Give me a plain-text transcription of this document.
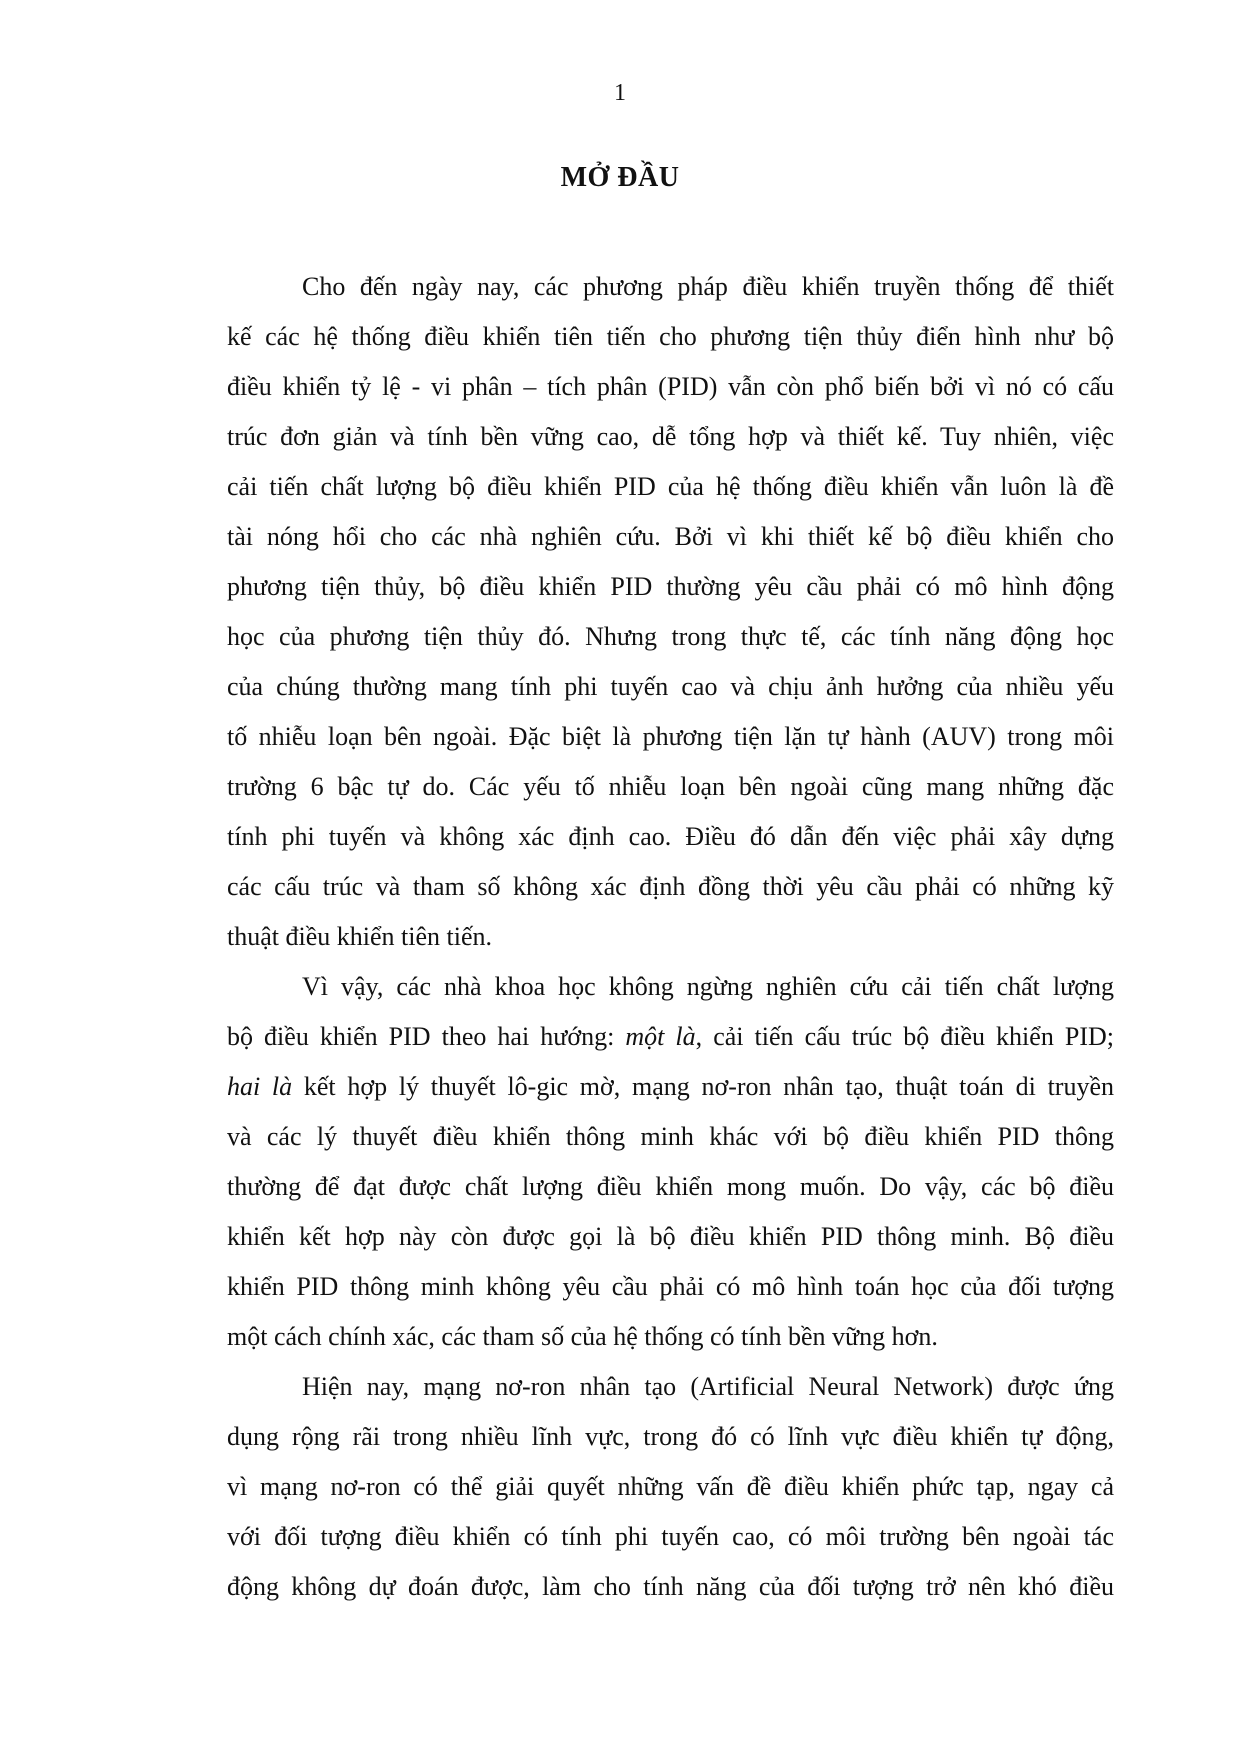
1
MỞ ĐẦU

Cho đến ngày nay, các phương pháp điều khiển truyền thống để thiết
kế các hệ thống điều khiển tiên tiến cho phương tiện thủy điển hình như bộ
điều khiển tỷ lệ - vi phân – tích phân (PID) vẫn còn phổ biến bởi vì nó có cấu
trúc đơn giản và tính bền vững cao, dễ tổng hợp và thiết kế. Tuy nhiên, việc
cải tiến chất lượng bộ điều khiển PID của hệ thống điều khiển vẫn luôn là đề
tài nóng hổi cho các nhà nghiên cứu. Bởi vì khi thiết kế bộ điều khiển cho
phương tiện thủy, bộ điều khiển PID thường yêu cầu phải có mô hình động
học của phương tiện thủy đó. Nhưng trong thực tế, các tính năng động học
của chúng thường mang tính phi tuyến cao và chịu ảnh hưởng của nhiều yếu
tố nhiễu loạn bên ngoài. Đặc biệt là phương tiện lặn tự hành (AUV) trong môi
trường 6 bậc tự do. Các yếu tố nhiễu loạn bên ngoài cũng mang những đặc
tính phi tuyến và không xác định cao. Điều đó dẫn đến việc phải xây dựng
các cấu trúc và tham số không xác định đồng thời yêu cầu phải có những kỹ
thuật điều khiển tiên tiến.

Vì vậy, các nhà khoa học không ngừng nghiên cứu cải tiến chất lượng
bộ điều khiển PID theo hai hướng: một là, cải tiến cấu trúc bộ điều khiển PID;
hai là kết hợp lý thuyết lô-gic mờ, mạng nơ-ron nhân tạo, thuật toán di truyền
và các lý thuyết điều khiển thông minh khác với bộ điều khiển PID thông
thường để đạt được chất lượng điều khiển mong muốn. Do vậy, các bộ điều
khiển kết hợp này còn được gọi là bộ điều khiển PID thông minh. Bộ điều
khiển PID thông minh không yêu cầu phải có mô hình toán học của đối tượng
một cách chính xác, các tham số của hệ thống có tính bền vững hơn.

Hiện nay, mạng nơ-ron nhân tạo (Artificial Neural Network) được ứng
dụng rộng rãi trong nhiều lĩnh vực, trong đó có lĩnh vực điều khiển tự động,
vì mạng nơ-ron có thể giải quyết những vấn đề điều khiển phức tạp, ngay cả
với đối tượng điều khiển có tính phi tuyến cao, có môi trường bên ngoài tác
động không dự đoán được, làm cho tính năng của đối tượng trở nên khó điều
